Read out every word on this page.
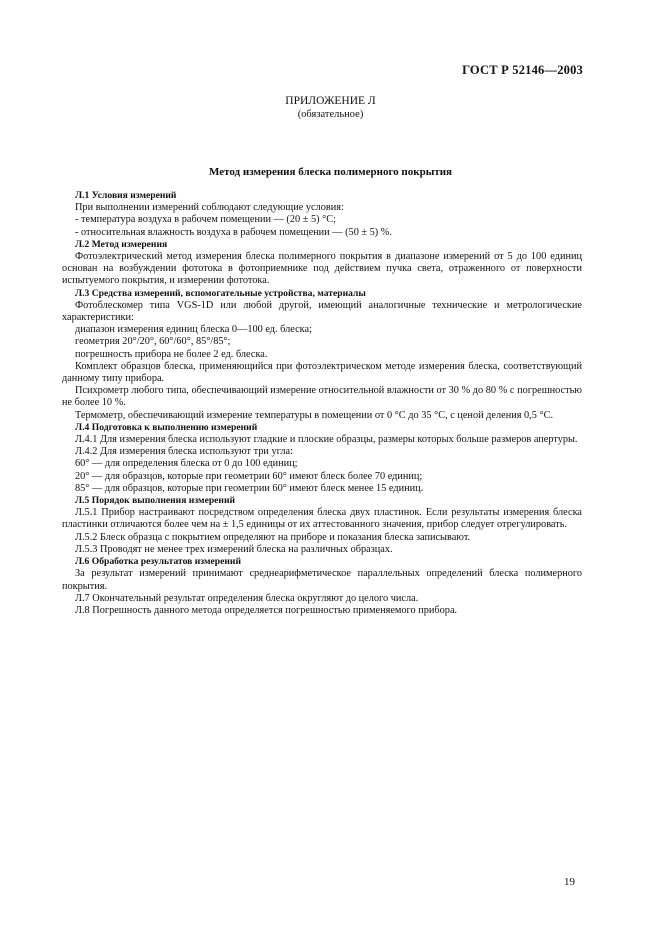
ГОСТ Р 52146—2003
ПРИЛОЖЕНИЕ Л
(обязательное)
Метод измерения блеска полимерного покрытия

Л.1 Условия измерений

При выполнении измерений соблюдают следующие условия:

- температура воздуха в рабочем помещении — (20 ± 5) °С;

- относительная влажность воздуха в рабочем помещении — (50 ± 5) %.

Л.2 Метод измерения

Фотоэлектрический метод измерения блеска полимерного покрытия в диапазоне измерений от 5 до 100 единиц основан на возбуждении фототока в фотоприемнике под действием пучка света, отраженного от поверхности испытуемого покрытия, и измерении фототока.

Л.3 Средства измерений, вспомогательные устройства, материалы

Фотоблескомер типа VGS-1D или любой другой, имеющий аналогичные технические и метрологические характеристики:

диапазон измерения единиц блеска 0—100 ед. блеска;

геометрия 20°/20°, 60°/60°, 85°/85°;

погрешность прибора не более 2 ед. блеска.

Комплект образцов блеска, применяющийся при фотоэлектрическом методе измерения блеска, соответствующий данному типу прибора.

Психрометр любого типа, обеспечивающий измерение относительной влажности от 30 % до 80 % с погрешностью не более 10 %.

Термометр, обеспечивающий измерение температуры в помещении от 0 °С до 35 °С, с ценой деления 0,5 °С.

Л.4 Подготовка к выполнению измерений

Л.4.1 Для измерения блеска используют гладкие и плоские образцы, размеры которых больше размеров апертуры.

Л.4.2 Для измерения блеска используют три угла:

60° — для определения блеска от 0 до 100 единиц;

20° — для образцов, которые при геометрии 60° имеют блеск более 70 единиц;

85° — для образцов, которые при геометрии 60° имеют блеск менее 15 единиц.

Л.5 Порядок выполнения измерений

Л.5.1 Прибор настраивают посредством определения блеска двух пластинок. Если результаты измерения блеска пластинки отличаются более чем на ± 1,5 единицы от их аттестованного значения, прибор следует отрегулировать.

Л.5.2 Блеск образца с покрытием определяют на приборе и показания блеска записывают.

Л.5.3 Проводят не менее трех измерений блеска на различных образцах.

Л.6 Обработка результатов измерений

За результат измерений принимают среднеарифметическое параллельных определений блеска полимерного покрытия.

Л.7 Окончательный результат определения блеска округляют до целого числа.

Л.8 Погрешность данного метода определяется погрешностью применяемого прибора.

19
